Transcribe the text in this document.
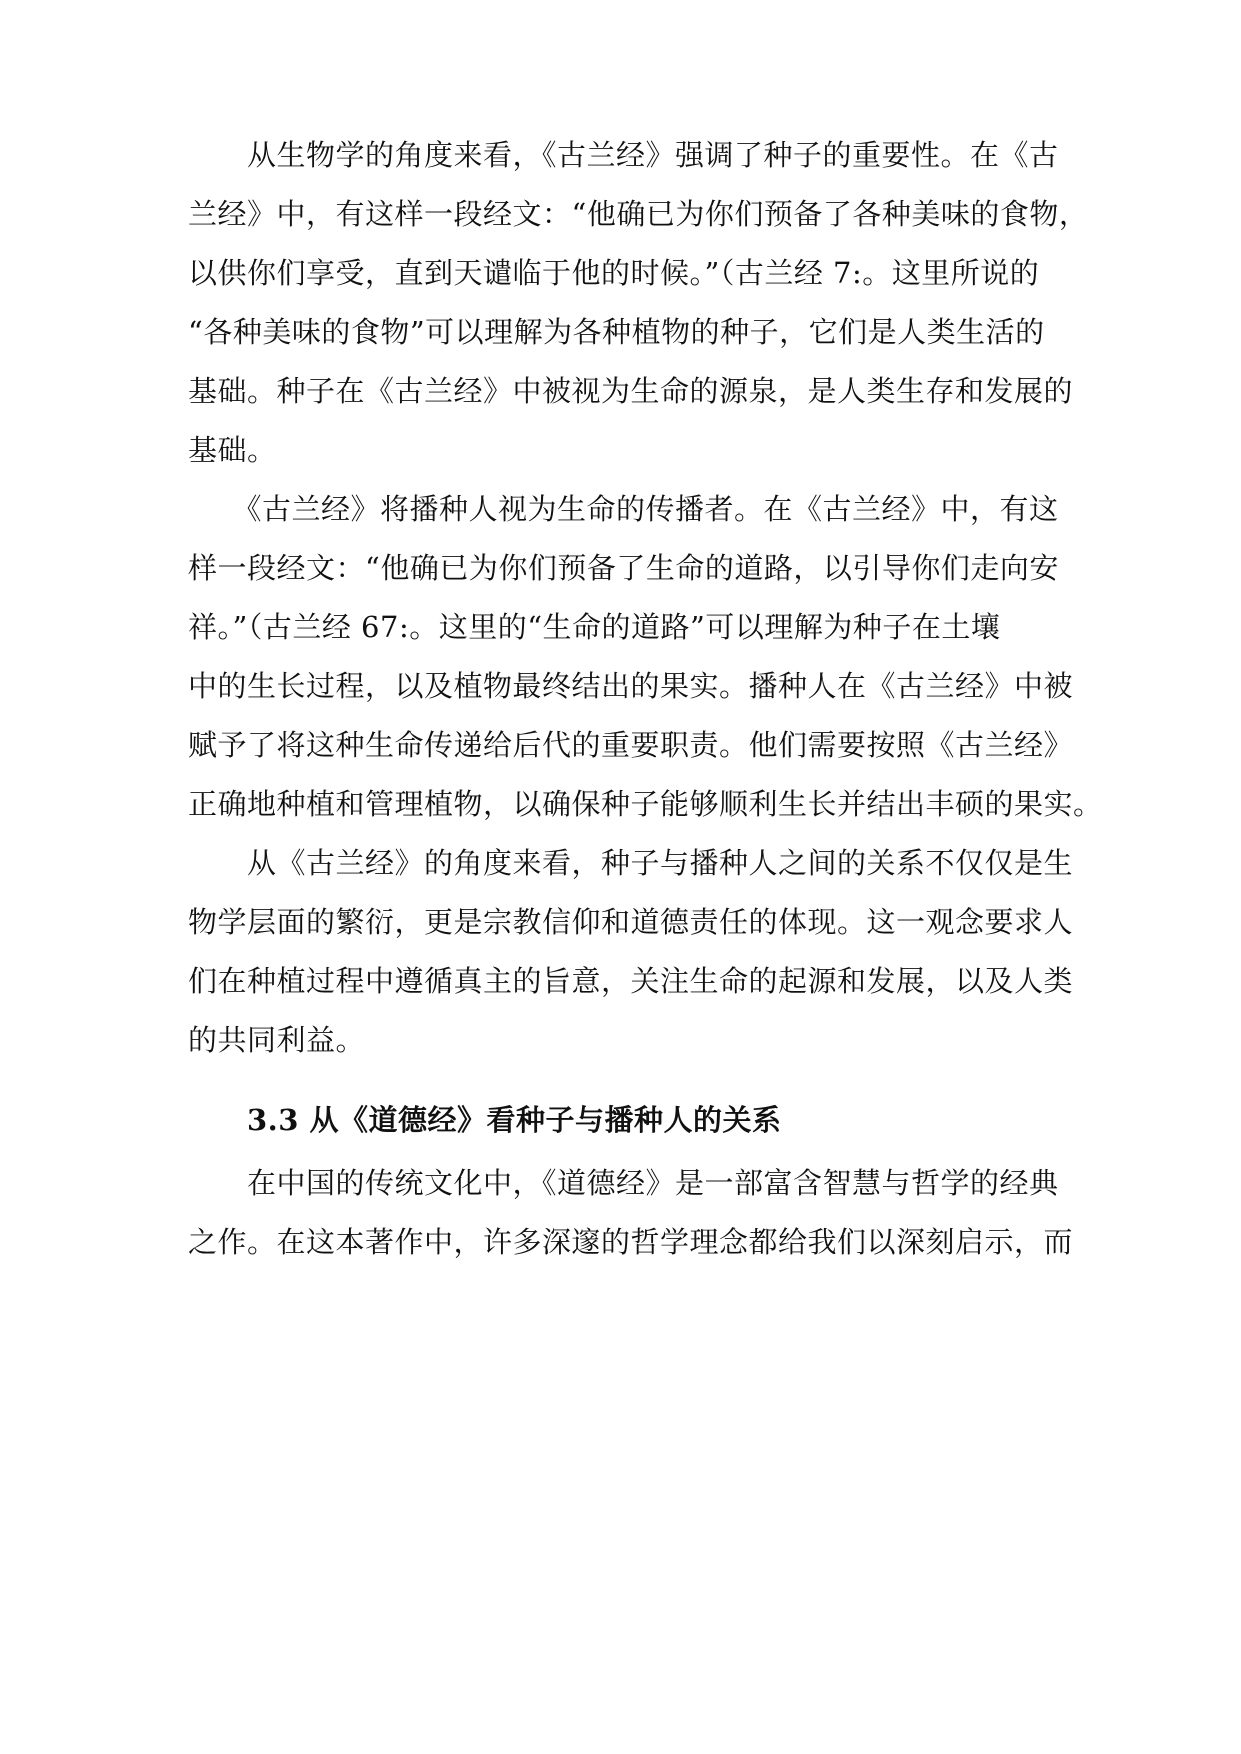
　　从生物学的角度来看，《古兰经》强调了种子的重要性。在《古
兰经》中，有这样一段经文：“他确已为你们预备了各种美味的食物，
以供你们享受，直到天谴临于他的时候。”（古兰经 7:。这里所说的
“各种美味的食物”可以理解为各种植物的种子，它们是人类生活的
基础。种子在《古兰经》中被视为生命的源泉，是人类生存和发展的
基础。
　　《古兰经》将播种人视为生命的传播者。在《古兰经》中，有这
样一段经文：“他确已为你们预备了生命的道路，以引导你们走向安
祥。”（古兰经 67:。这里的“生命的道路”可以理解为种子在土壤
中的生长过程，以及植物最终结出的果实。播种人在《古兰经》中被
赋予了将这种生命传递给后代的重要职责。他们需要按照《古兰经》
正确地种植和管理植物，以确保种子能够顺利生长并结出丰硕的果实。
　　从《古兰经》的角度来看，种子与播种人之间的关系不仅仅是生
物学层面的繁衍，更是宗教信仰和道德责任的体现。这一观念要求人
们在种植过程中遵循真主的旨意，关注生命的起源和发展，以及人类
的共同利益。
　　3.3 从《道德经》看种子与播种人的关系
　　在中国的传统文化中，《道德经》是一部富含智慧与哲学的经典
之作。在这本著作中，许多深邃的哲学理念都给我们以深刻启示，而
